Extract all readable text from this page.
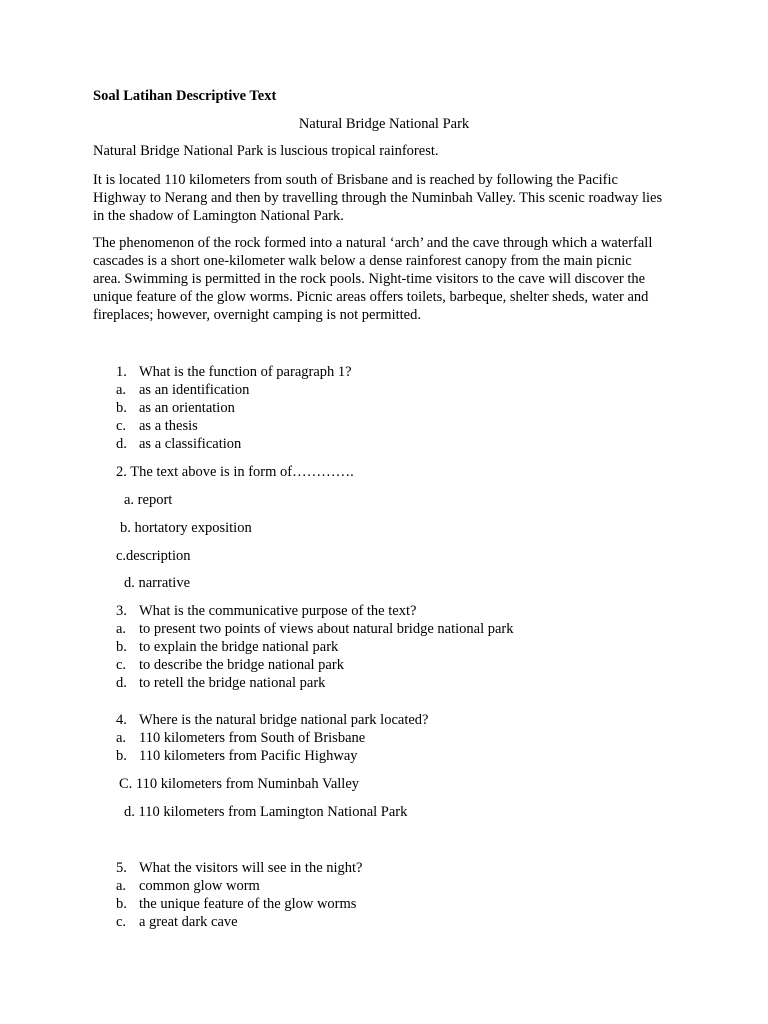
Soal Latihan Descriptive Text
Natural Bridge National Park
Natural Bridge National Park is luscious tropical rainforest.
It is located 110 kilometers from south of Brisbane and is reached by following the Pacific Highway to Nerang and then by travelling through the Numinbah Valley. This scenic roadway lies in the shadow of Lamington National Park.
The phenomenon of the rock formed into a natural ‘arch’ and the cave through which a waterfall cascades is a short one-kilometer walk below a dense rainforest canopy from the main picnic area. Swimming is permitted in the rock pools. Night-time visitors to the cave will discover the unique feature of the glow worms. Picnic areas offers toilets, barbeque, shelter sheds, water and fireplaces; however, overnight camping is not permitted.
1. What is the function of paragraph 1?
a. as an identification
b. as an orientation
c. as a thesis
d. as a classification
2. The text above is in form of………….
a. report
b. hortatory exposition
c.description
d. narrative
3. What is the communicative purpose of the text?
a. to present two points of views about natural bridge national park
b. to explain the bridge national park
c. to describe the bridge national park
d. to retell the bridge national park
4. Where is the natural bridge national park located?
a. 110 kilometers from South of Brisbane
b. 110 kilometers from Pacific Highway
C. 110 kilometers from Numinbah Valley
d. 110 kilometers from Lamington National Park
5. What the visitors will see in the night?
a. common glow worm
b. the unique feature of the glow worms
c. a great dark cave
